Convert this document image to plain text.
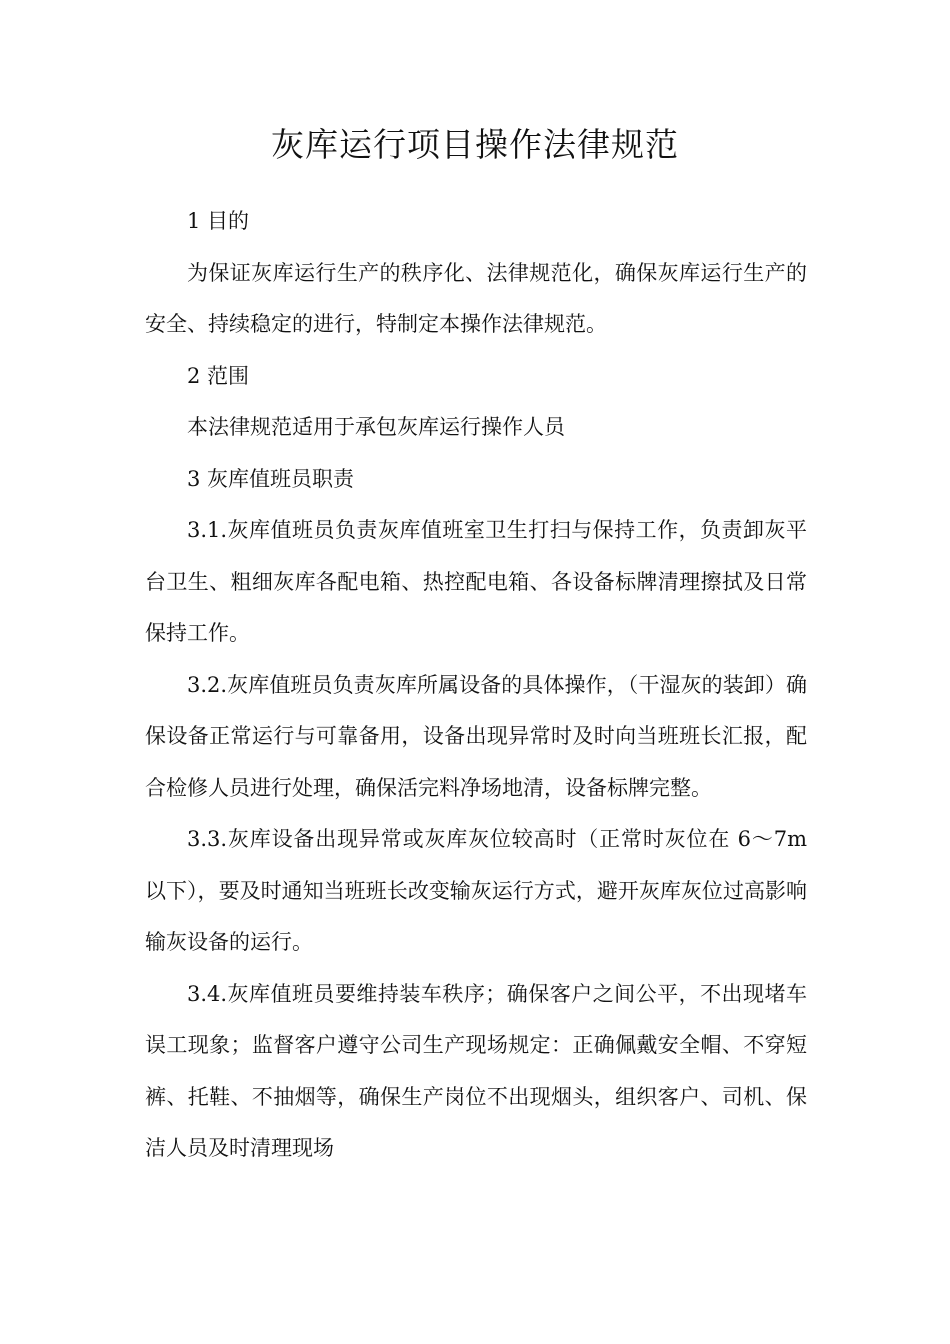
灰库运行项目操作法律规范

1 目的

为保证灰库运行生产的秩序化、法律规范化，确保灰库运行生产的安全、持续稳定的进行，特制定本操作法律规范。

2 范围

本法律规范适用于承包灰库运行操作人员

3 灰库值班员职责

3.1.灰库值班员负责灰库值班室卫生打扫与保持工作，负责卸灰平台卫生、粗细灰库各配电箱、热控配电箱、各设备标牌清理擦拭及日常保持工作。

3.2.灰库值班员负责灰库所属设备的具体操作，（干湿灰的装卸）确保设备正常运行与可靠备用，设备出现异常时及时向当班班长汇报，配合检修人员进行处理，确保活完料净场地清，设备标牌完整。

3.3.灰库设备出现异常或灰库灰位较高时（正常时灰位在 6～7m 以下），要及时通知当班班长改变输灰运行方式，避开灰库灰位过高影响输灰设备的运行。

3.4.灰库值班员要维持装车秩序；确保客户之间公平，不出现堵车误工现象；监督客户遵守公司生产现场规定：正确佩戴安全帽、不穿短裤、托鞋、不抽烟等，确保生产岗位不出现烟头，组织客户、司机、保洁人员及时清理现场
